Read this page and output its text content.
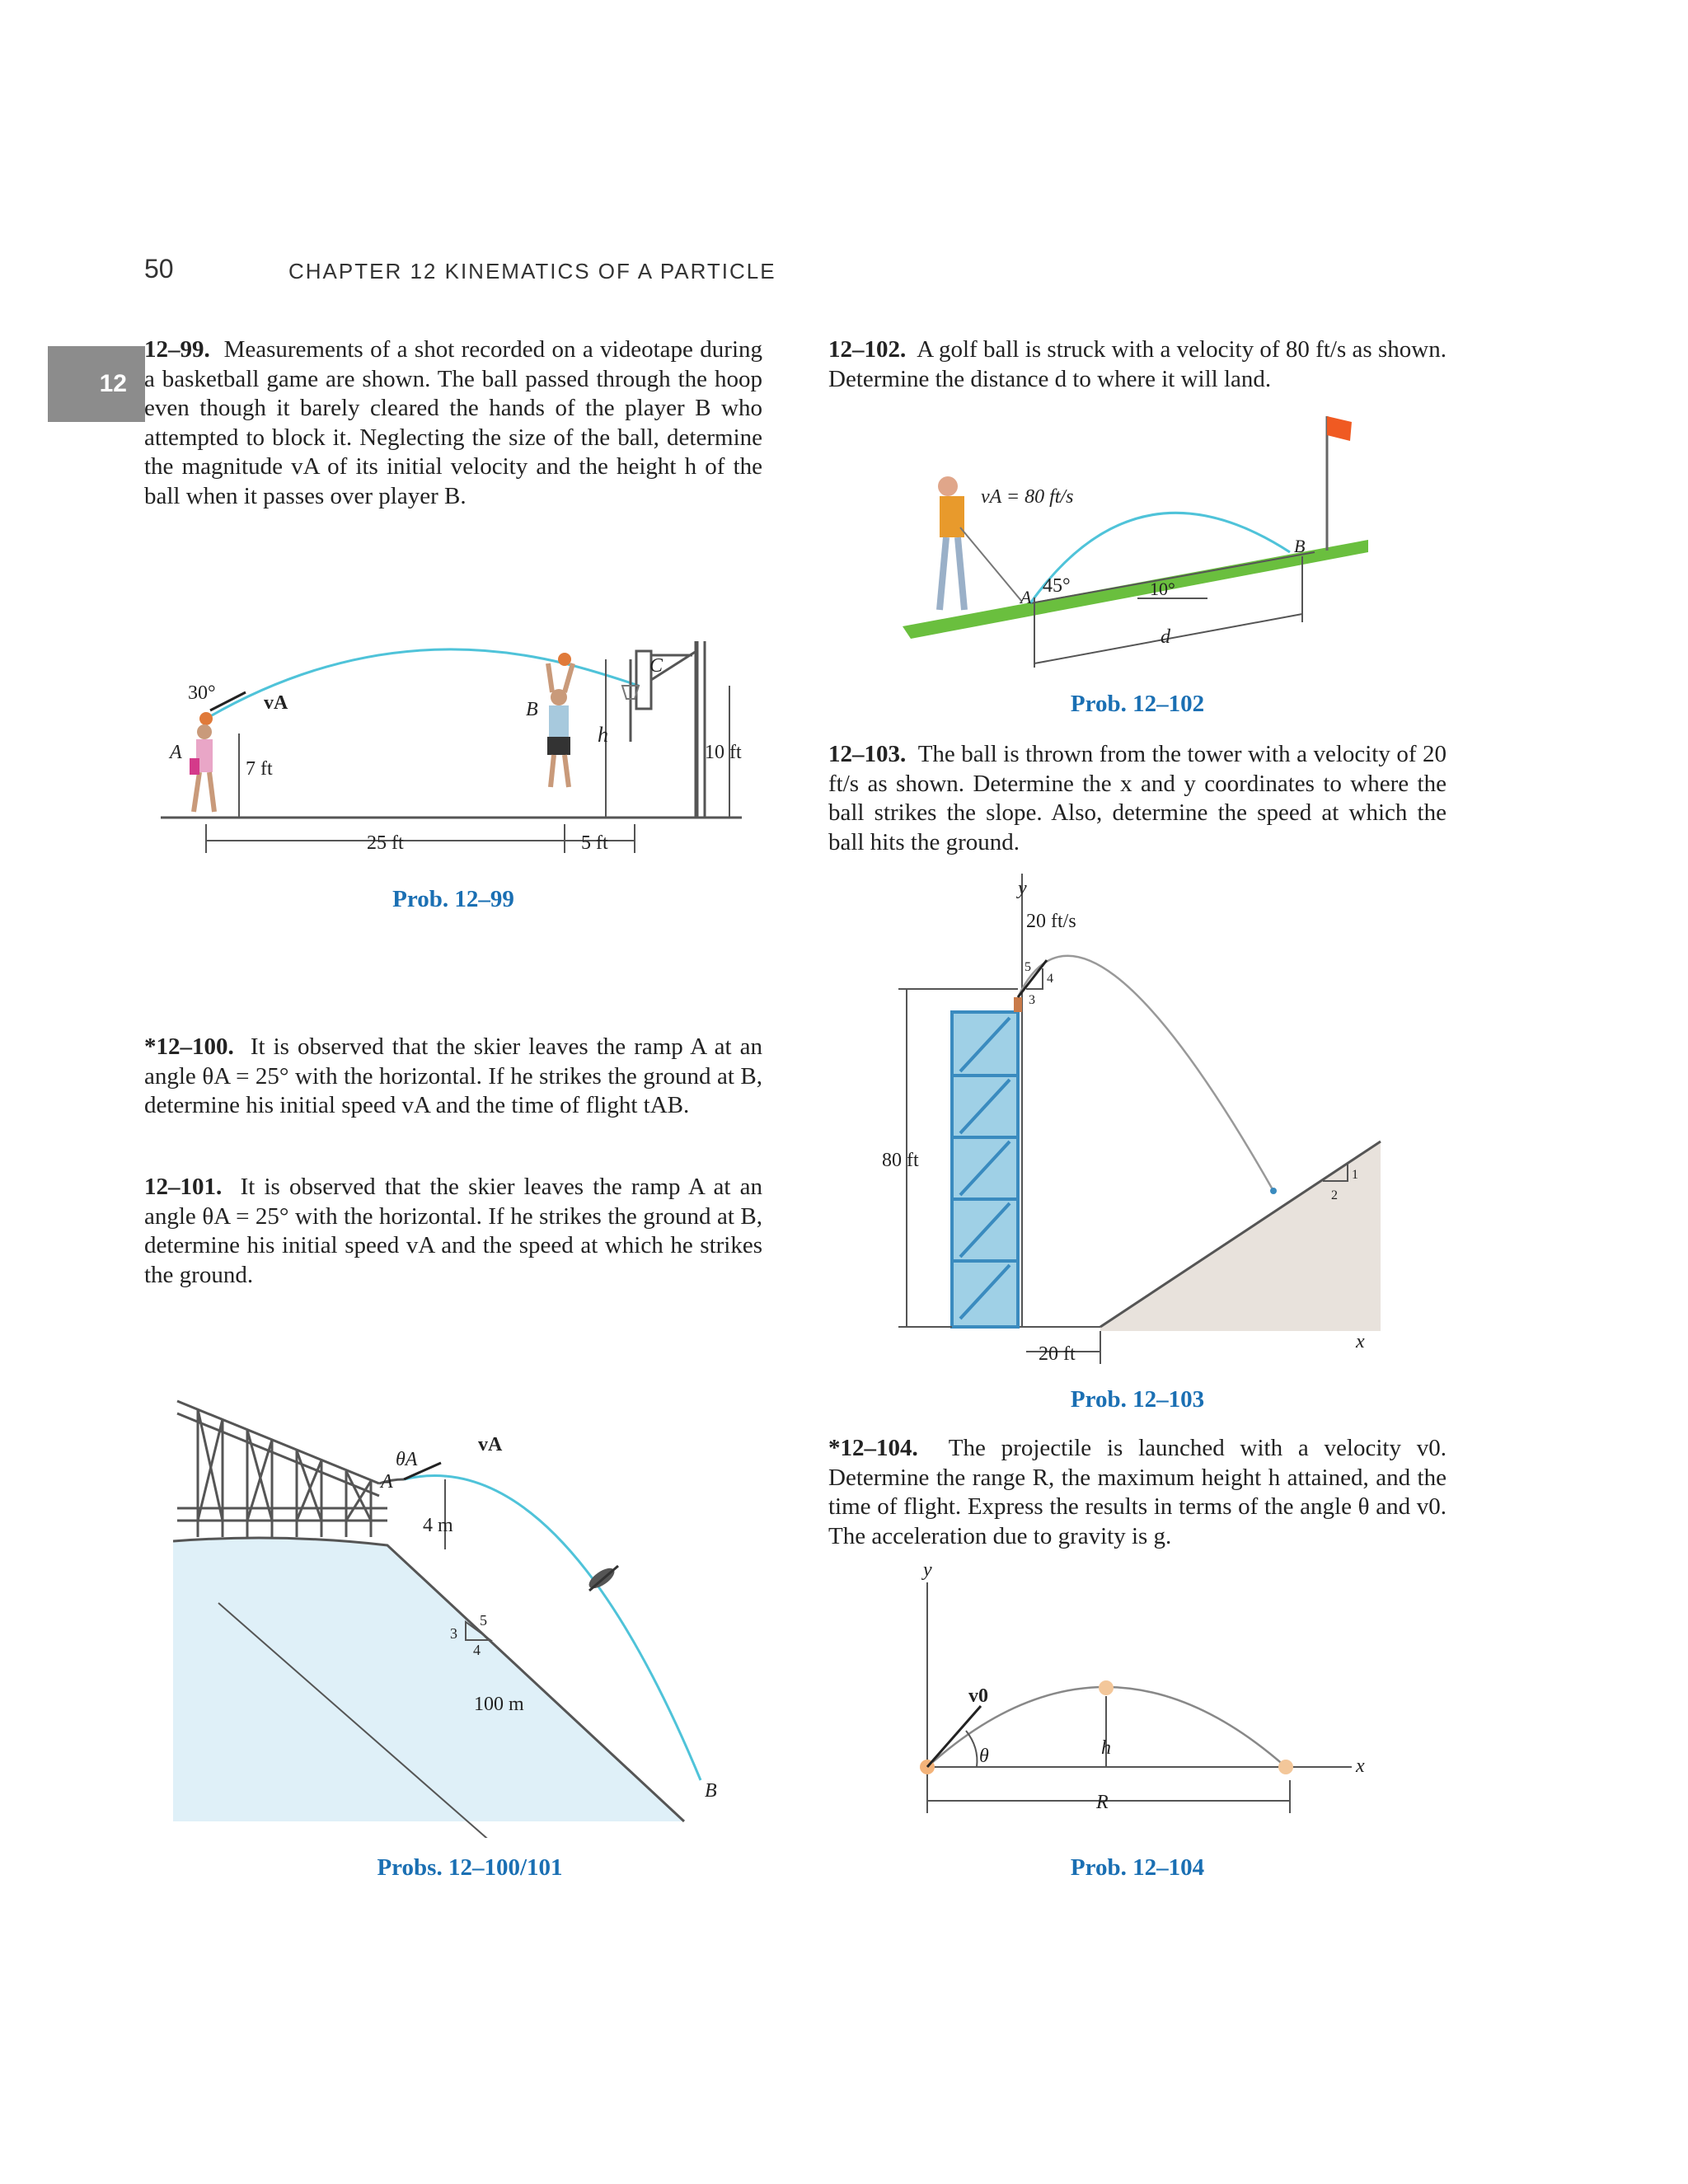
50	CHAPTER 12 KINEMATICS OF A PARTICLE
12
12–99. Measurements of a shot recorded on a videotape during a basketball game are shown. The ball passed through the hoop even though it barely cleared the hands of the player B who attempted to block it. Neglecting the size of the ball, determine the magnitude vA of its initial velocity and the height h of the ball when it passes over player B.
30° vA
A
B
C
h
7 ft
10 ft
25 ft	5 ft
Prob. 12–99
*12–100. It is observed that the skier leaves the ramp A at an angle θA = 25° with the horizontal. If he strikes the ground at B, determine his initial speed vA and the time of flight tAB.
12–101. It is observed that the skier leaves the ramp A at an angle θA = 25° with the horizontal. If he strikes the ground at B, determine his initial speed vA and the speed at which he strikes the ground.
θA
vA
A
B
4 m
100 m
3
4
5
Probs. 12–100/101
12–102. A golf ball is struck with a velocity of 80 ft/s as shown. Determine the distance d to where it will land.
vA = 80 ft/s
45°
A
B
10°
d
Prob. 12–102
12–103. The ball is thrown from the tower with a velocity of 20 ft/s as shown. Determine the x and y coordinates to where the ball strikes the slope. Also, determine the speed at which the ball hits the ground.
y
x
20 ft/s
80 ft
20 ft
3
4
5
1
2
Prob. 12–103
*12–104. The projectile is launched with a velocity v0. Determine the range R, the maximum height h attained, and the time of flight. Express the results in terms of the angle θ and v0. The acceleration due to gravity is g.
y
x
v0
θ	h
R
Prob. 12–104
